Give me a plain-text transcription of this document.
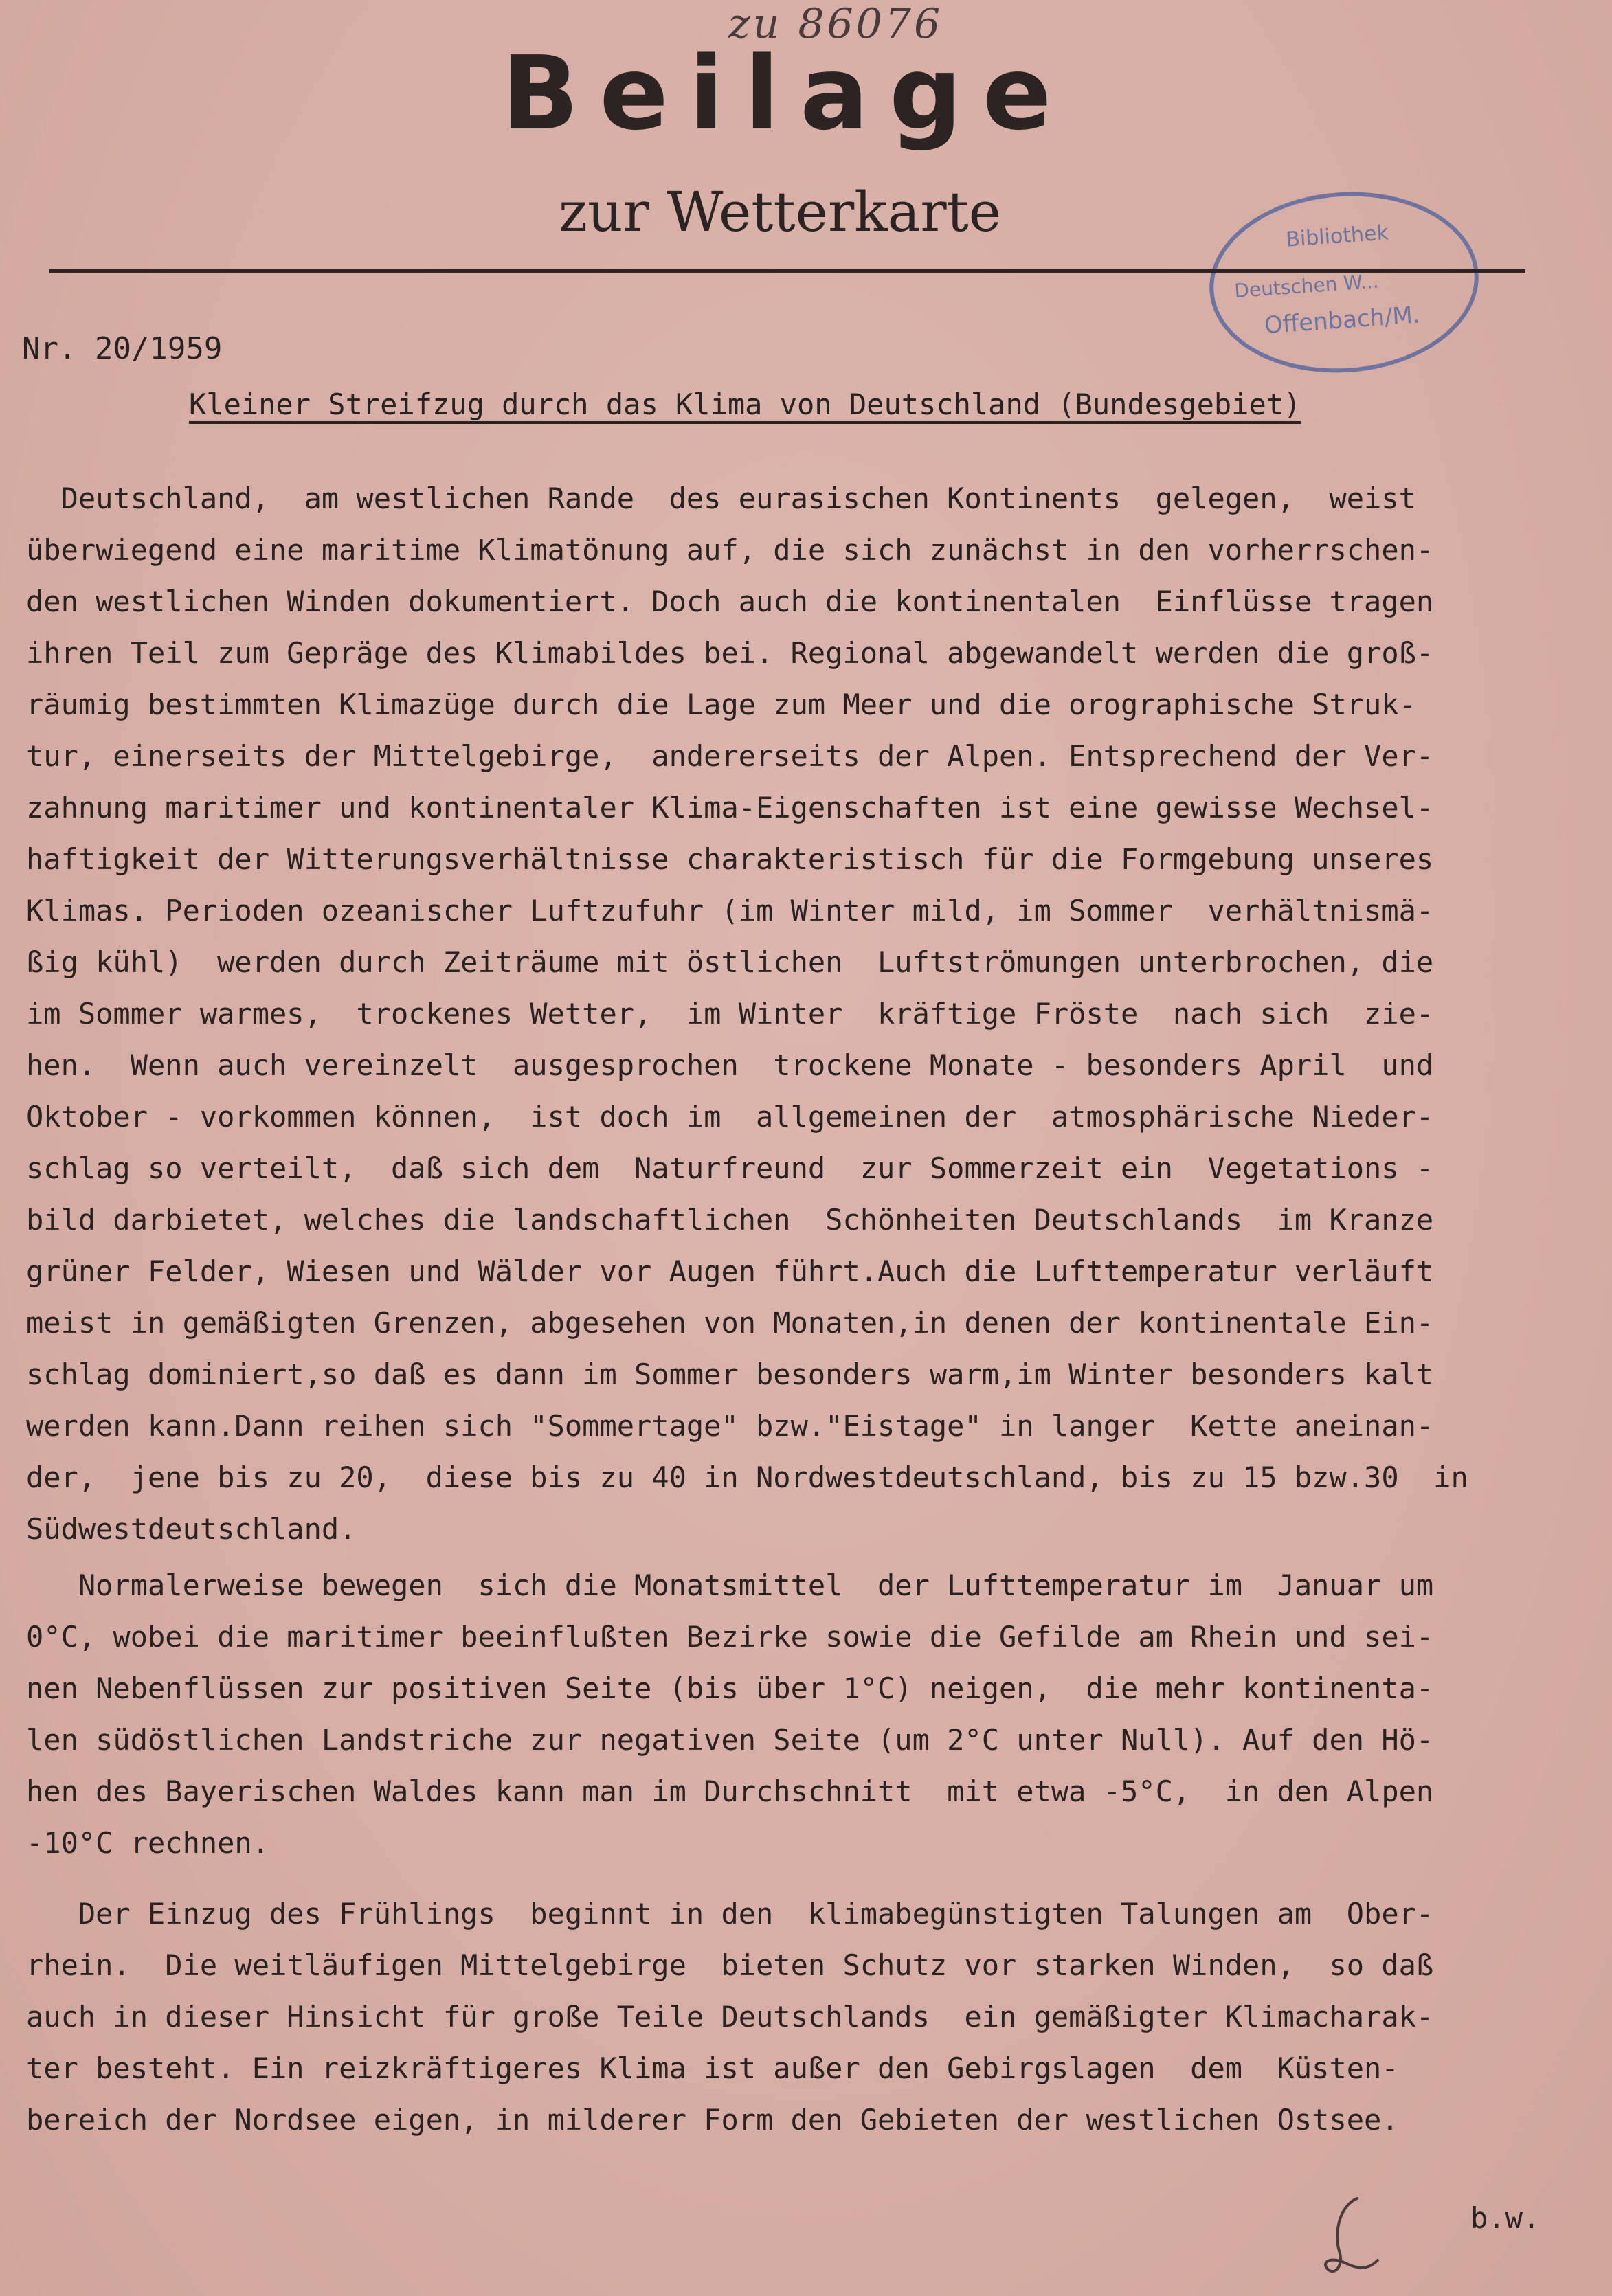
zu 86076
Beilage
zur Wetterkarte	Bibliothek
Deutschen W...
Offenbach/M.
Nr. 20/1959
Kleiner Streifzug durch das Klima von Deutschland (Bundesgebiet)
Deutschland,  am westlichen Rande  des eurasischen Kontinents  gelegen,  weist
überwiegend eine maritime Klimatönung auf, die sich zunächst in den vorherrschen-
den westlichen Winden dokumentiert. Doch auch die kontinentalen  Einflüsse tragen
ihren Teil zum Gepräge des Klimabildes bei. Regional abgewandelt werden die groß-
räumig bestimmten Klimazüge durch die Lage zum Meer und die orographische Struk-
tur, einerseits der Mittelgebirge,  andererseits der Alpen. Entsprechend der Ver-
zahnung maritimer und kontinentaler Klima-Eigenschaften ist eine gewisse Wechsel-
haftigkeit der Witterungsverhältnisse charakteristisch für die Formgebung unseres
Klimas. Perioden ozeanischer Luftzufuhr (im Winter mild, im Sommer  verhältnismä-
ßig kühl)  werden durch Zeiträume mit östlichen  Luftströmungen unterbrochen, die
im Sommer warmes,  trockenes Wetter,  im Winter  kräftige Fröste  nach sich  zie-
hen.  Wenn auch vereinzelt  ausgesprochen  trockene Monate - besonders April  und
Oktober - vorkommen können,  ist doch im  allgemeinen der  atmosphärische Nieder-
schlag so verteilt,  daß sich dem  Naturfreund  zur Sommerzeit ein  Vegetations -
bild darbietet, welches die landschaftlichen  Schönheiten Deutschlands  im Kranze
grüner Felder, Wiesen und Wälder vor Augen führt.Auch die Lufttemperatur verläuft
meist in gemäßigten Grenzen, abgesehen von Monaten,in denen der kontinentale Ein-
schlag dominiert,so daß es dann im Sommer besonders warm,im Winter besonders kalt
werden kann.Dann reihen sich "Sommertage" bzw."Eistage" in langer  Kette aneinan-
der,  jene bis zu 20,  diese bis zu 40 in Nordwestdeutschland, bis zu 15 bzw.30  in
Südwestdeutschland.
Normalerweise bewegen  sich die Monatsmittel  der Lufttemperatur im  Januar um
0°C, wobei die maritimer beeinflußten Bezirke sowie die Gefilde am Rhein und sei-
nen Nebenflüssen zur positiven Seite (bis über 1°C) neigen,  die mehr kontinenta-
len südöstlichen Landstriche zur negativen Seite (um 2°C unter Null). Auf den Hö-
hen des Bayerischen Waldes kann man im Durchschnitt  mit etwa -5°C,  in den Alpen
-10°C rechnen.
Der Einzug des Frühlings  beginnt in den  klimabegünstigten Talungen am  Ober-
rhein.  Die weitläufigen Mittelgebirge  bieten Schutz vor starken Winden,  so daß
auch in dieser Hinsicht für große Teile Deutschlands  ein gemäßigter Klimacharak-
ter besteht. Ein reizkräftigeres Klima ist außer den Gebirgslagen  dem  Küsten-
bereich der Nordsee eigen, in milderer Form den Gebieten der westlichen Ostsee.
b.w.
